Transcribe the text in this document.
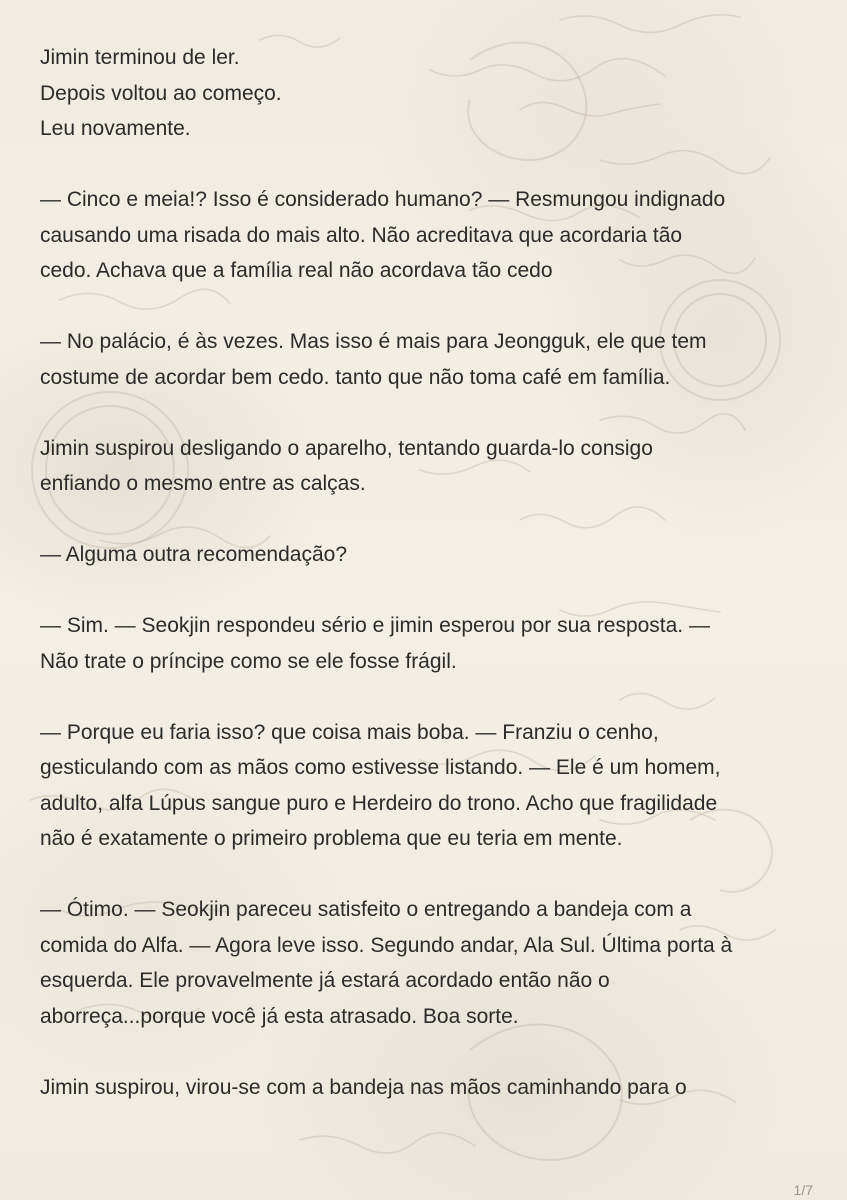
Jimin terminou de ler.
Depois voltou ao começo.
Leu novamente.
— Cinco e meia!? Isso é considerado humano? — Resmungou indignado
causando uma risada do mais alto. Não acreditava que acordaria tão
cedo. Achava que a família real não acordava tão cedo
— No palácio, é às vezes. Mas isso é mais para Jeongguk, ele que tem
costume de acordar bem cedo. tanto que não toma café em família.
Jimin suspirou desligando o aparelho, tentando guarda-lo consigo
enfiando o mesmo entre as calças.
— Alguma outra recomendação?
— Sim. — Seokjin respondeu sério e jimin esperou por sua resposta. —
Não trate o príncipe como se ele fosse frágil.
— Porque eu faria isso? que coisa mais boba. — Franziu o cenho,
gesticulando com as mãos como estivesse listando. — Ele é um homem,
adulto, alfa Lúpus sangue puro e Herdeiro do trono. Acho que fragilidade
não é exatamente o primeiro problema que eu teria em mente.
— Ótimo. — Seokjin pareceu satisfeito o entregando a bandeja com a
comida do Alfa. — Agora leve isso. Segundo andar, Ala Sul. Última porta à
esquerda. Ele provavelmente já estará acordado então não o
aborreça...porque você já esta atrasado. Boa sorte.
Jimin suspirou, virou-se com a bandeja nas mãos caminhando para o
1/7
